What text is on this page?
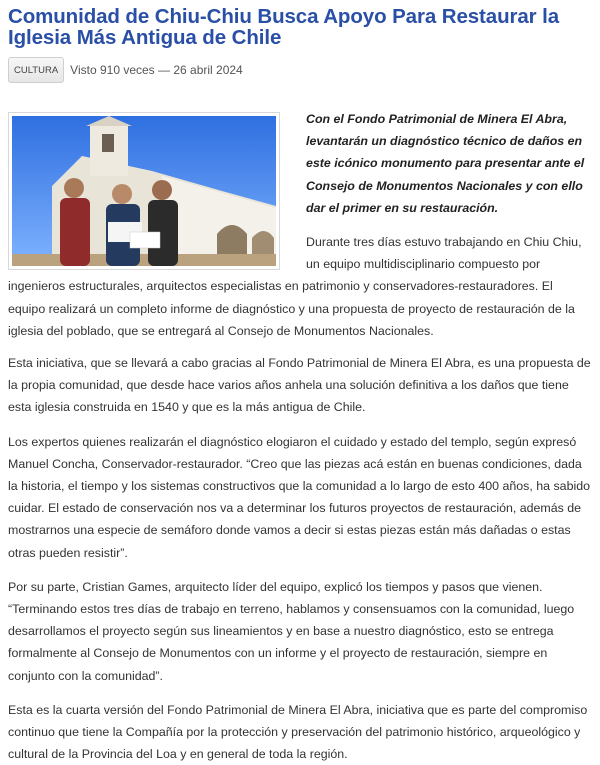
Comunidad de Chiu-Chiu Busca Apoyo Para Restaurar la Iglesia Más Antigua de Chile
CULTURA	Visto 910 veces — 26 abril 2024

Con el Fondo Patrimonial de Minera El Abra, levantarán un diagnóstico técnico de daños en este icónico monumento para presentar ante el Consejo de Monumentos Nacionales y con ello dar el primer en su restauración.

Durante tres días estuvo trabajando en Chiu Chiu, un equipo multidisciplinario compuesto por ingenieros estructurales, arquitectos especialistas en patrimonio y conservadores-restauradores. El equipo realizará un completo informe de diagnóstico y una propuesta de proyecto de restauración de la iglesia del poblado, que se entregará al Consejo de Monumentos Nacionales.

Esta iniciativa, que se llevará a cabo gracias al Fondo Patrimonial de Minera El Abra, es una propuesta de la propia comunidad, que desde hace varios años anhela una solución definitiva a los daños que tiene esta iglesia construida en 1540 y que es la más antigua de Chile.

Los expertos quienes realizarán el diagnóstico elogiaron el cuidado y estado del templo, según expresó Manuel Concha, Conservador-restaurador. “Creo que las piezas acá están en buenas condiciones, dada la historia, el tiempo y los sistemas constructivos que la comunidad a lo largo de esto 400 años, ha sabido cuidar. El estado de conservación nos va a determinar los futuros proyectos de restauración, además de mostrarnos una especie de semáforo donde vamos a decir si estas piezas están más dañadas o estas otras pueden resistir”.

Por su parte, Cristian Games, arquitecto líder del equipo, explicó los tiempos y pasos que vienen. “Terminando estos tres días de trabajo en terreno, hablamos y consensuamos con la comunidad, luego desarrollamos el proyecto según sus lineamientos y en base a nuestro diagnóstico, esto se entrega formalmente al Consejo de Monumentos con un informe y el proyecto de restauración, siempre en conjunto con la comunidad”.

Esta es la cuarta versión del Fondo Patrimonial de Minera El Abra, iniciativa que es parte del compromiso continuo que tiene la Compañía por la protección y preservación del patrimonio histórico, arqueológico y cultural de la Provincia del Loa y en general de toda la región.
